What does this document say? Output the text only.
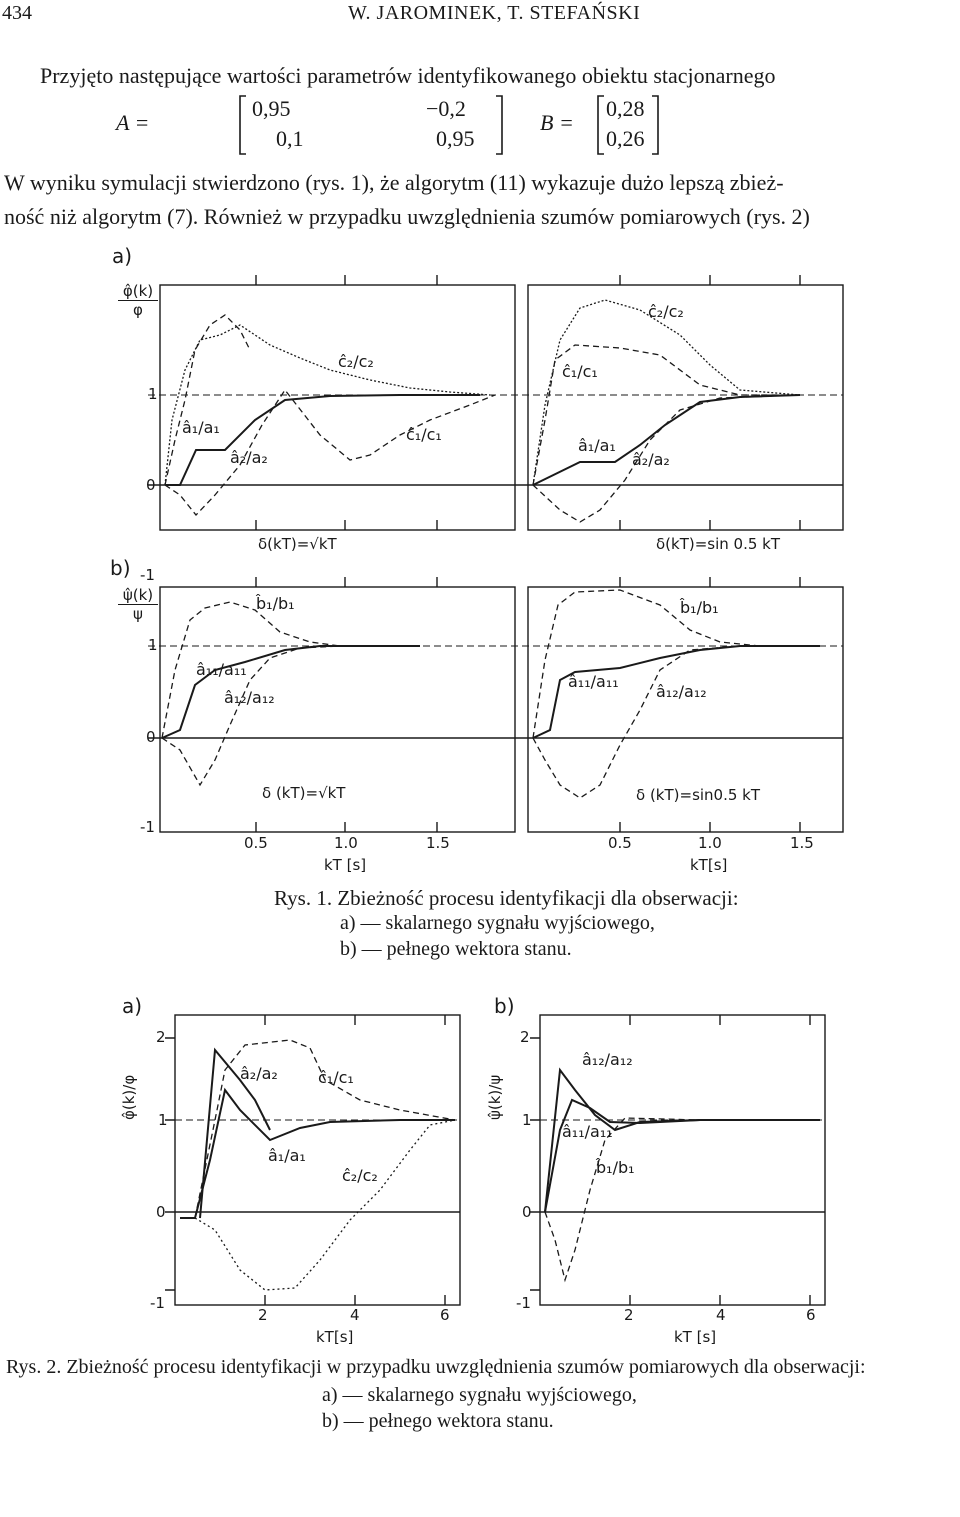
434	W. JAROMINEK, T. STEFAŃSKI
Przyjęto następujące wartości parametrów identyfikowanego obiektu stacjonarnego
A =
0,95	−0,2
0,1	0,95
B =
0,28
0,26
W wyniku symulacji stwierdzono (rys. 1), że algorytm (11) wykazuje dużo lepszą zbież-
ność niż algorytm (7). Również w przypadku uwzględnienia szumów pomiarowych (rys. 2)
a)
b)
φ̂(k)
φ
ψ̂(k)
ψ
1
0
-1
1
0
-1
ĉ₂/c₂
ĉ₁/c₁
â₁/a₁
â₂/a₂
δ(kT)=√kT
ĉ₂/c₂
ĉ₁/c₁
â₁/a₁
â₂/a₂
δ(kT)=sin 0.5 kT
b̂₁/b₁
â₁₁/a₁₁
â₁₂/a₁₂
δ (kT)=√kT
b̂₁/b₁
â₁₁/a₁₁
â₁₂/a₁₂
δ (kT)=sin0.5 kT
0.5	1.0	1.5	0.5	1.0	1.5
kT [s]	kT[s]
Rys. 1. Zbieżność procesu identyfikacji dla obserwacji:
a) — skalarnego sygnału wyjściowego,
b) — pełnego wektora stanu.
a)	b)
φ̂(k)/φ	ψ̂(k)/ψ
2
1
0
-1
2
1
0
-1
â₂/a₂	ĉ₁/c₁
â₁/a₁
ĉ₂/c₂
â₁₂/a₁₂
â₁₁/a₁₁
b̂₁/b₁
2	4	6	2	4	6
kT[s]	kT [s]
Rys. 2. Zbieżność procesu identyfikacji w przypadku uwzględnienia szumów pomiarowych dla obserwacji:
a) — skalarnego sygnału wyjściowego,
b) — pełnego wektora stanu.
